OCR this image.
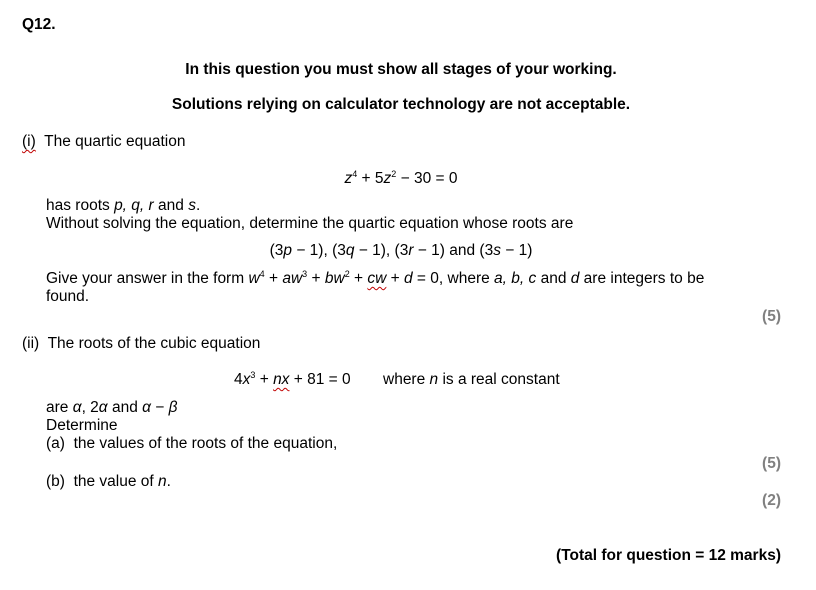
Q12.
In this question you must show all stages of your working.
Solutions relying on calculator technology are not acceptable.
(i) The quartic equation
$z^4 + 5z^2 - 30 = 0$
has roots p, q, r and s.
Without solving the equation, determine the quartic equation whose roots are
(3p − 1), (3q − 1), (3r − 1) and (3s − 1)
Give your answer in the form $w^4 + aw^3 + bw^2$ + cw + d = 0, where a, b, c and d are integers to be
found.
(5)
(ii) The roots of the cubic equation
$4x^3$ + nx + 81 = 0 where n is a real constant
are α, 2α and α − β
Determine
(a) the values of the roots of the equation,
(5)
(b) the value of n.
(2)
(Total for question = 12 marks)
